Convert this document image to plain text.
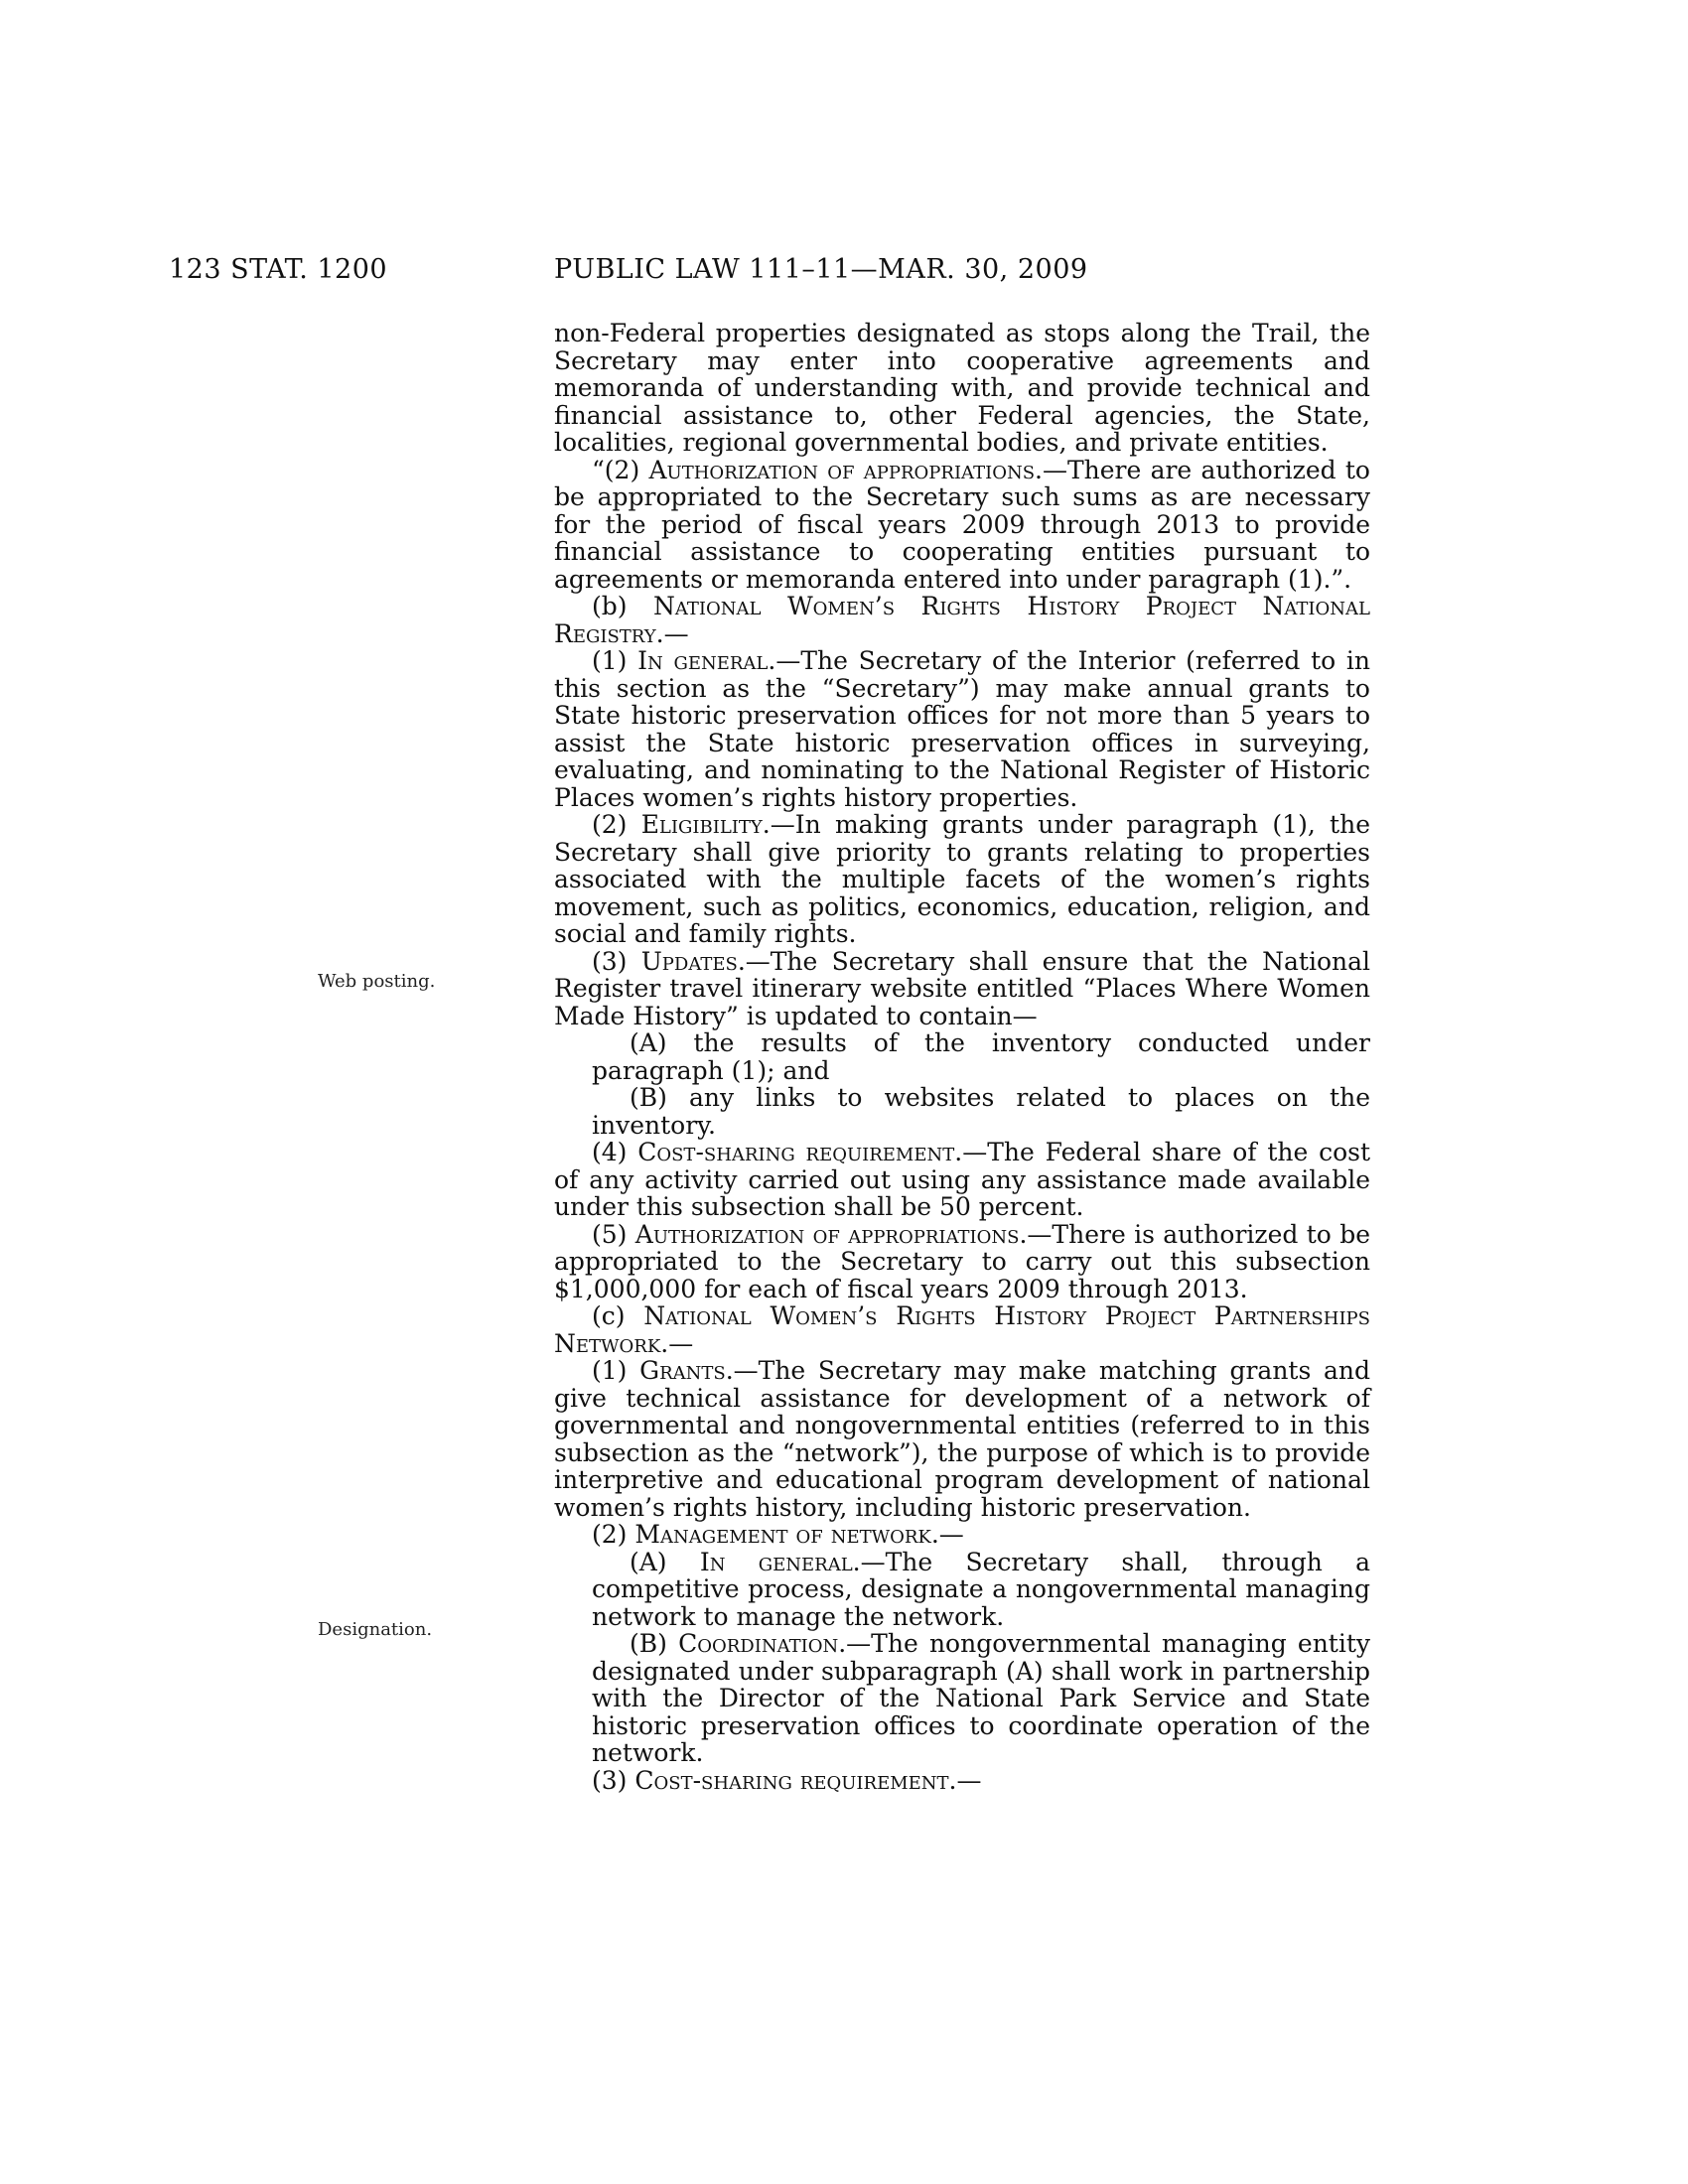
123 STAT. 1200	PUBLIC LAW 111–11—MAR. 30, 2009
Web posting.
Designation.

non-Federal properties designated as stops along the Trail, the Secretary may enter into cooperative agreements and memoranda of understanding with, and provide technical and financial assistance to, other Federal agencies, the State, localities, regional governmental bodies, and private entities.

“(2) Authorization of appropriations.—There are authorized to be appropriated to the Secretary such sums as are necessary for the period of fiscal years 2009 through 2013 to provide financial assistance to cooperating entities pursuant to agreements or memoranda entered into under paragraph (1).”.

(b) National Women’s Rights History Project National Registry.—

(1) In general.—The Secretary of the Interior (referred to in this section as the “Secretary”) may make annual grants to State historic preservation offices for not more than 5 years to assist the State historic preservation offices in surveying, evaluating, and nominating to the National Register of Historic Places women’s rights history properties.

(2) Eligibility.—In making grants under paragraph (1), the Secretary shall give priority to grants relating to properties associated with the multiple facets of the women’s rights movement, such as politics, economics, education, religion, and social and family rights.

(3) Updates.—The Secretary shall ensure that the National Register travel itinerary website entitled “Places Where Women Made History” is updated to contain—

(A) the results of the inventory conducted under paragraph (1); and

(B) any links to websites related to places on the inventory.

(4) Cost-sharing requirement.—The Federal share of the cost of any activity carried out using any assistance made available under this subsection shall be 50 percent.

(5) Authorization of appropriations.—There is authorized to be appropriated to the Secretary to carry out this subsection $1,000,000 for each of fiscal years 2009 through 2013.

(c) National Women’s Rights History Project Partnerships Network.—

(1) Grants.—The Secretary may make matching grants and give technical assistance for development of a network of governmental and nongovernmental entities (referred to in this subsection as the “network”), the purpose of which is to provide interpretive and educational program development of national women’s rights history, including historic preservation.

(2) Management of network.—

(A) In general.—The Secretary shall, through a competitive process, designate a nongovernmental managing network to manage the network.

(B) Coordination.—The nongovernmental managing entity designated under subparagraph (A) shall work in partnership with the Director of the National Park Service and State historic preservation offices to coordinate operation of the network.

(3) Cost-sharing requirement.—
